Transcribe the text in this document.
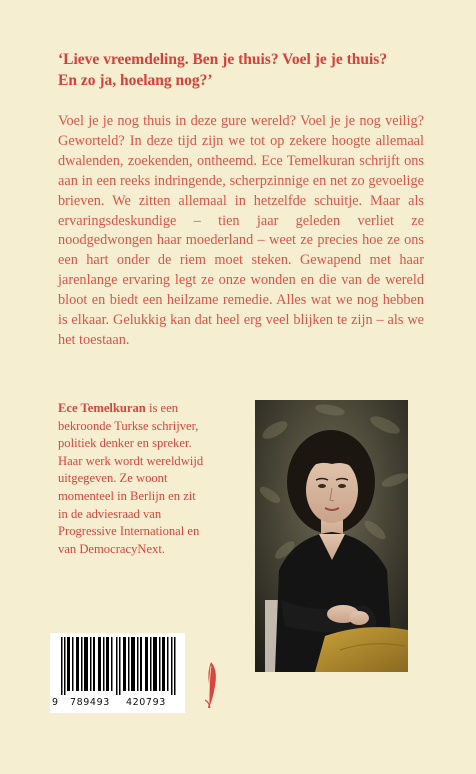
‘Lieve vreemdeling. Ben je thuis? Voel je je thuis?
En zo ja, hoelang nog?’

Voel je je nog thuis in deze gure wereld? Voel je je nog veilig? Geworteld? In deze tijd zijn we tot op zekere hoogte allemaal dwalenden, zoekenden, ontheemd. Ece Temelkuran schrijft ons aan in een reeks indringende, scherpzinnige en net zo gevoelige brieven. We zitten allemaal in hetzelfde schuitje. Maar als ervaringsdeskundige – tien jaar geleden verliet ze noodgedwongen haar moederland – weet ze precies hoe ze ons een hart onder de riem moet steken. Gewapend met haar jarenlange ervaring legt ze onze wonden en die van de wereld bloot en biedt een heilzame remedie. Alles wat we nog hebben is elkaar. Gelukkig kan dat heel erg veel blijken te zijn – als we het toestaan.

Ece Temelkuran is een bekroonde Turkse schrijver, politiek denker en spreker. Haar werk wordt wereldwijd uitgegeven. Ze woont momenteel in Berlijn en zit in de adviesraad van Progressive International en van DemocracyNext.

9 789493 420793
